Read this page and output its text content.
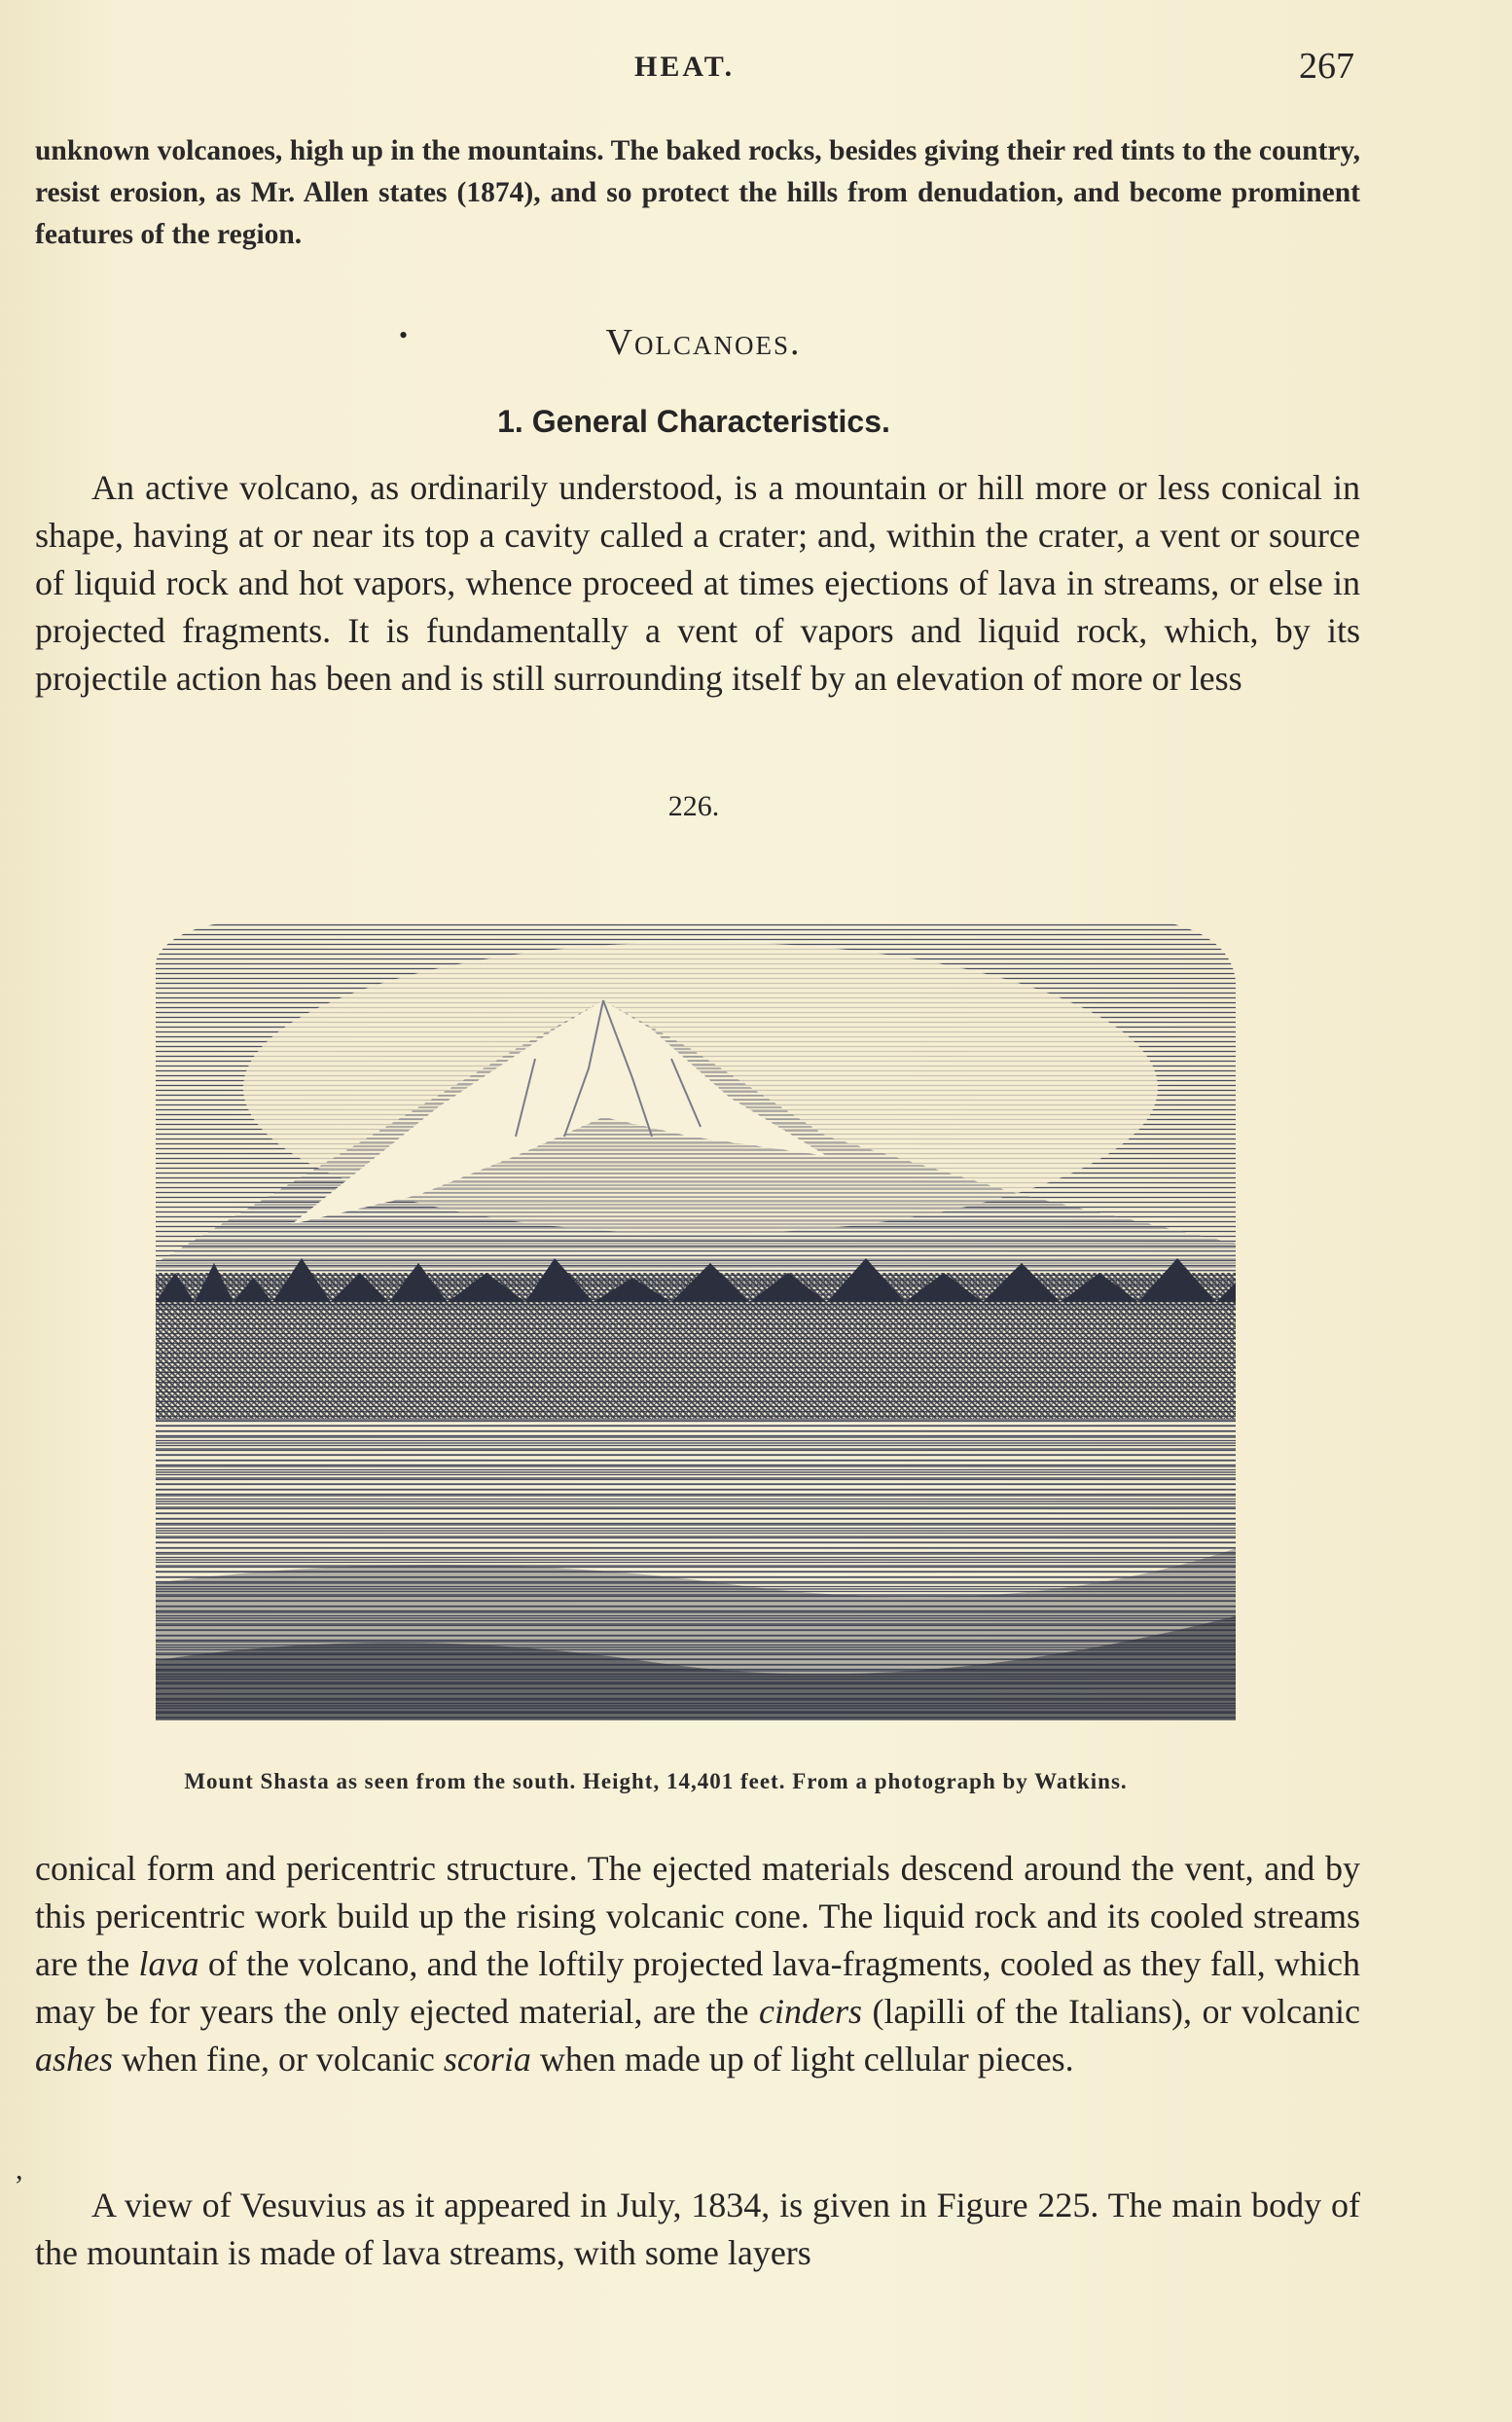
HEAT.	267

unknown volcanoes, high up in the mountains. The baked rocks, besides giving their red tints to the country, resist erosion, as Mr. Allen states (1874), and so protect the hills from denudation, and become prominent features of the region.

•	Volcanoes.
1. General Characteristics.

An active volcano, as ordinarily understood, is a mountain or hill more or less conical in shape, having at or near its top a cavity called a crater; and, within the crater, a vent or source of liquid rock and hot vapors, whence proceed at times ejections of lava in streams, or else in projected fragments. It is fundamentally a vent of vapors and liquid rock, which, by its projectile action has been and is still surrounding itself by an elevation of more or less

226.
Mount Shasta as seen from the south. Height, 14,401 feet. From a photograph by Watkins.
,

conical form and pericentric structure. The ejected materials descend around the vent, and by this pericentric work build up the rising volcanic cone. The liquid rock and its cooled streams are the lava of the volcano, and the loftily projected lava-fragments, cooled as they fall, which may be for years the only ejected material, are the cinders (lapilli of the Italians), or volcanic ashes when fine, or volcanic scoria when made up of light cellular pieces.

A view of Vesuvius as it appeared in July, 1834, is given in Figure 225. The main body of the mountain is made of lava streams, with some layers
